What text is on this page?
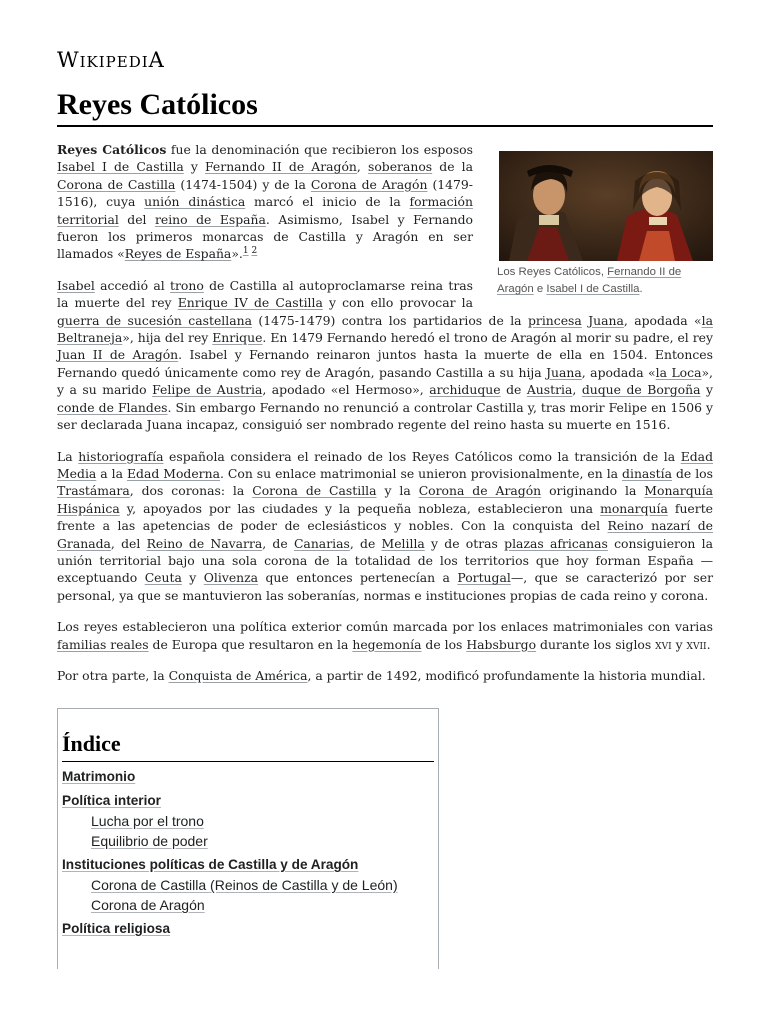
WikipediA
Reyes Católicos
Los Reyes Católicos, Fernando II de Aragón e Isabel I de Castilla.

Reyes Católicos fue la denominación que recibieron los esposos Isabel I de Castilla y Fernando II de Aragón, soberanos de la Corona de Castilla (1474-1504) y de la Corona de Aragón (1479-1516), cuya unión dinástica marcó el inicio de la formación territorial del reino de España. Asimismo, Isabel y Fernando fueron los primeros monarcas de Castilla y Aragón en ser llamados «Reyes de España».$^{1 2}$

Isabel accedió al trono de Castilla al autoproclamarse reina tras la muerte del rey Enrique IV de Castilla y con ello provocar la guerra de sucesión castellana (1475-1479) contra los partidarios de la princesa Juana, apodada «la Beltraneja», hija del rey Enrique. En 1479 Fernando heredó el trono de Aragón al morir su padre, el rey Juan II de Aragón. Isabel y Fernando reinaron juntos hasta la muerte de ella en 1504. Entonces Fernando quedó únicamente como rey de Aragón, pasando Castilla a su hija Juana, apodada «la Loca», y a su marido Felipe de Austria, apodado «el Hermoso», archiduque de Austria, duque de Borgoña y conde de Flandes. Sin embargo Fernando no renunció a controlar Castilla y, tras morir Felipe en 1506 y ser declarada Juana incapaz, consiguió ser nombrado regente del reino hasta su muerte en 1516.

La historiografía española considera el reinado de los Reyes Católicos como la transición de la Edad Media a la Edad Moderna. Con su enlace matrimonial se unieron provisionalmente, en la dinastía de los Trastámara, dos coronas: la Corona de Castilla y la Corona de Aragón originando la Monarquía Hispánica y, apoyados por las ciudades y la pequeña nobleza, establecieron una monarquía fuerte frente a las apetencias de poder de eclesiásticos y nobles. Con la conquista del Reino nazarí de Granada, del Reino de Navarra, de Canarias, de Melilla y de otras plazas africanas consiguieron la unión territorial bajo una sola corona de la totalidad de los territorios que hoy forman España —exceptuando Ceuta y Olivenza que entonces pertenecían a Portugal—, que se caracterizó por ser personal, ya que se mantuvieron las soberanías, normas e instituciones propias de cada reino y corona.

Los reyes establecieron una política exterior común marcada por los enlaces matrimoniales con varias familias reales de Europa que resultaron en la hegemonía de los Habsburgo durante los siglos xvi y xvii.

Por otra parte, la Conquista de América, a partir de 1492, modificó profundamente la historia mundial.

Índice
Matrimonio
Política interior
Lucha por el trono
Equilibrio de poder
Instituciones políticas de Castilla y de Aragón
Corona de Castilla (Reinos de Castilla y de León)
Corona de Aragón
Política religiosa
